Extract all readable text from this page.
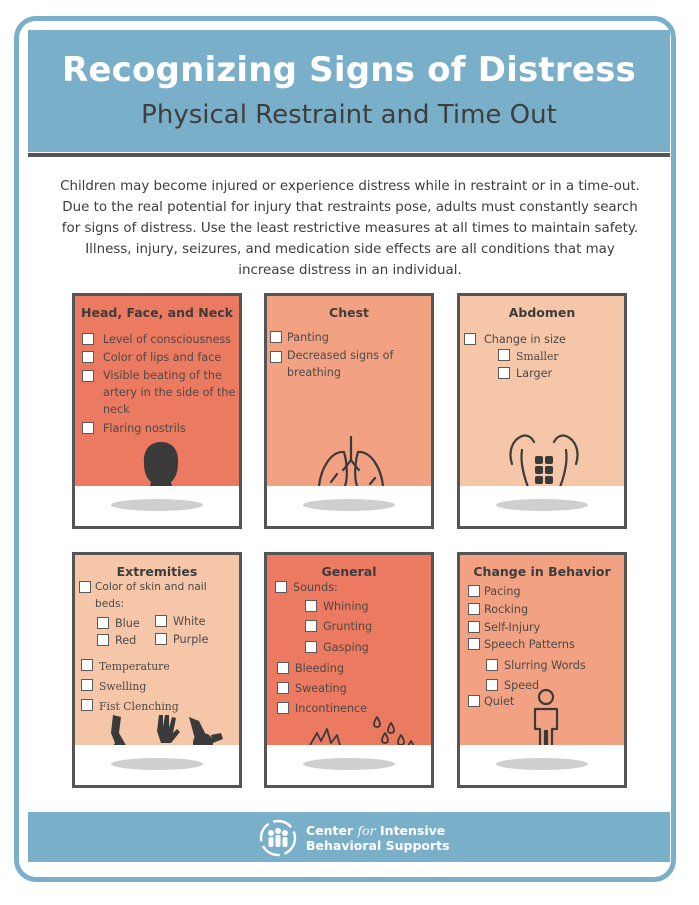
Recognizing Signs of Distress
Physical Restraint and Time Out
Children may become injured or experience distress while in restraint or in a time-out. Due to the real potential for injury that restraints pose, adults must constantly search for signs of distress. Use the least restrictive measures at all times to maintain safety. Illness, injury, seizures, and medication side effects are all conditions that may increase distress in an individual.
Head, Face, and Neck
Level of consciousness
Color of lips and face
Visible beating of the artery in the side of the neck
Flaring nostrils
Chest
Panting
Decreased signs of breathing
Abdomen
Change in size
Smaller
Larger
Extremities
Color of skin and nail beds:
Blue	White
Red	Purple
Temperature
Swelling
Fist Clenching
General
Sounds:
Whining
Grunting
Gasping
Bleeding
Sweating
Incontinence
Change in Behavior
Pacing
Rocking
Self-Injury
Speech Patterns
Slurring Words
Speed
Quiet
Center for Intensive
Behavioral Supports
